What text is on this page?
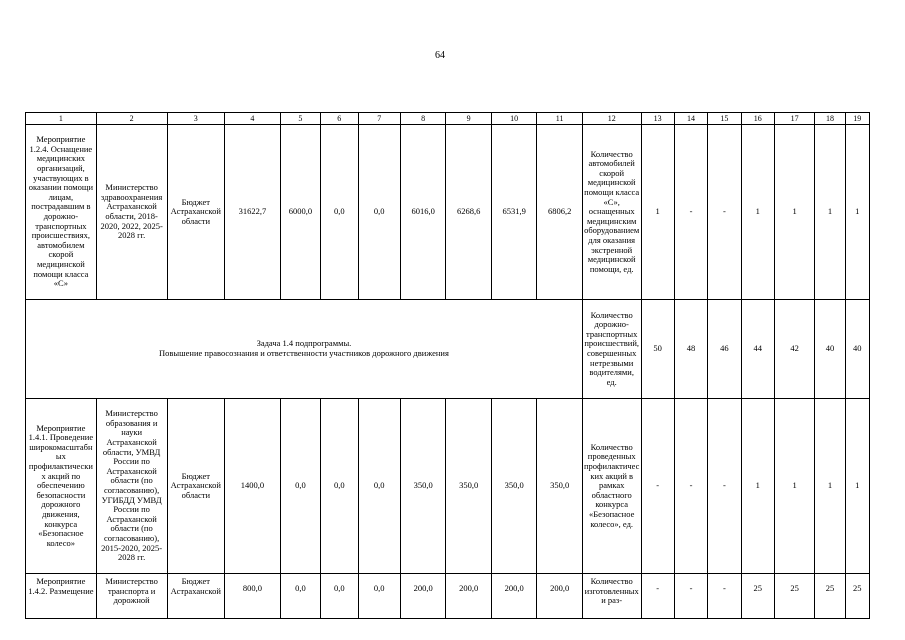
64
1	2	3	4	5	6	7	8	9	10	11	12	13	14	15	16	17	18	19
Мероприятие 1.2.4. Оснащение медицинских организаций, участвующих в оказании помощи лицам, пострадавшим в дорожно-транспортных происшествиях, автомобилем скорой медицинской помощи класса «С»	Министерство здравоохранения Астраханской области, 2018-2020, 2022, 2025-2028 гг.	Бюджет Астраханской области	31622,7	6000,0	0,0	0,0	6016,0	6268,6	6531,9	6806,2	Количество автомобилей скорой медицинской помощи класса «С», оснащенных медицинским оборудованием для оказания экстренной медицинской помощи, ед.	1	-	-	1	1	1	1

Задача 1.4 подпрограммы.
Повышение правосознания и ответственности участников дорожного движения											Количество дорожно-транспортных происшествий, совершенных нетрезвыми водителями, ед.	50	48	46	44	42	40	40
Мероприятие 1.4.1. Проведение широкомасштабных профилактических акций по обеспечению безопасности дорожного движения, конкурса «Безопасное колесо»	Министерство образования и науки Астраханской области, УМВД России по Астраханской области (по согласованию), УГИБДД УМВД России по Астраханской области (по согласованию), 2015-2020, 2025-2028 гг.	Бюджет Астраханской области	1400,0	0,0	0,0	0,0	350,0	350,0	350,0	350,0	Количество проведенных профилактических акций в рамках областного конкурса «Безопасное колесо», ед.	-	-	-	1	1	1	1
Мероприятие 1.4.2. Размещение	Министерство транспорта и дорожной	Бюджет Астраханской	800,0	0,0	0,0	0,0	200,0	200,0	200,0	200,0	Количество изготовленных и раз-	-	-	-	25	25	25	25
